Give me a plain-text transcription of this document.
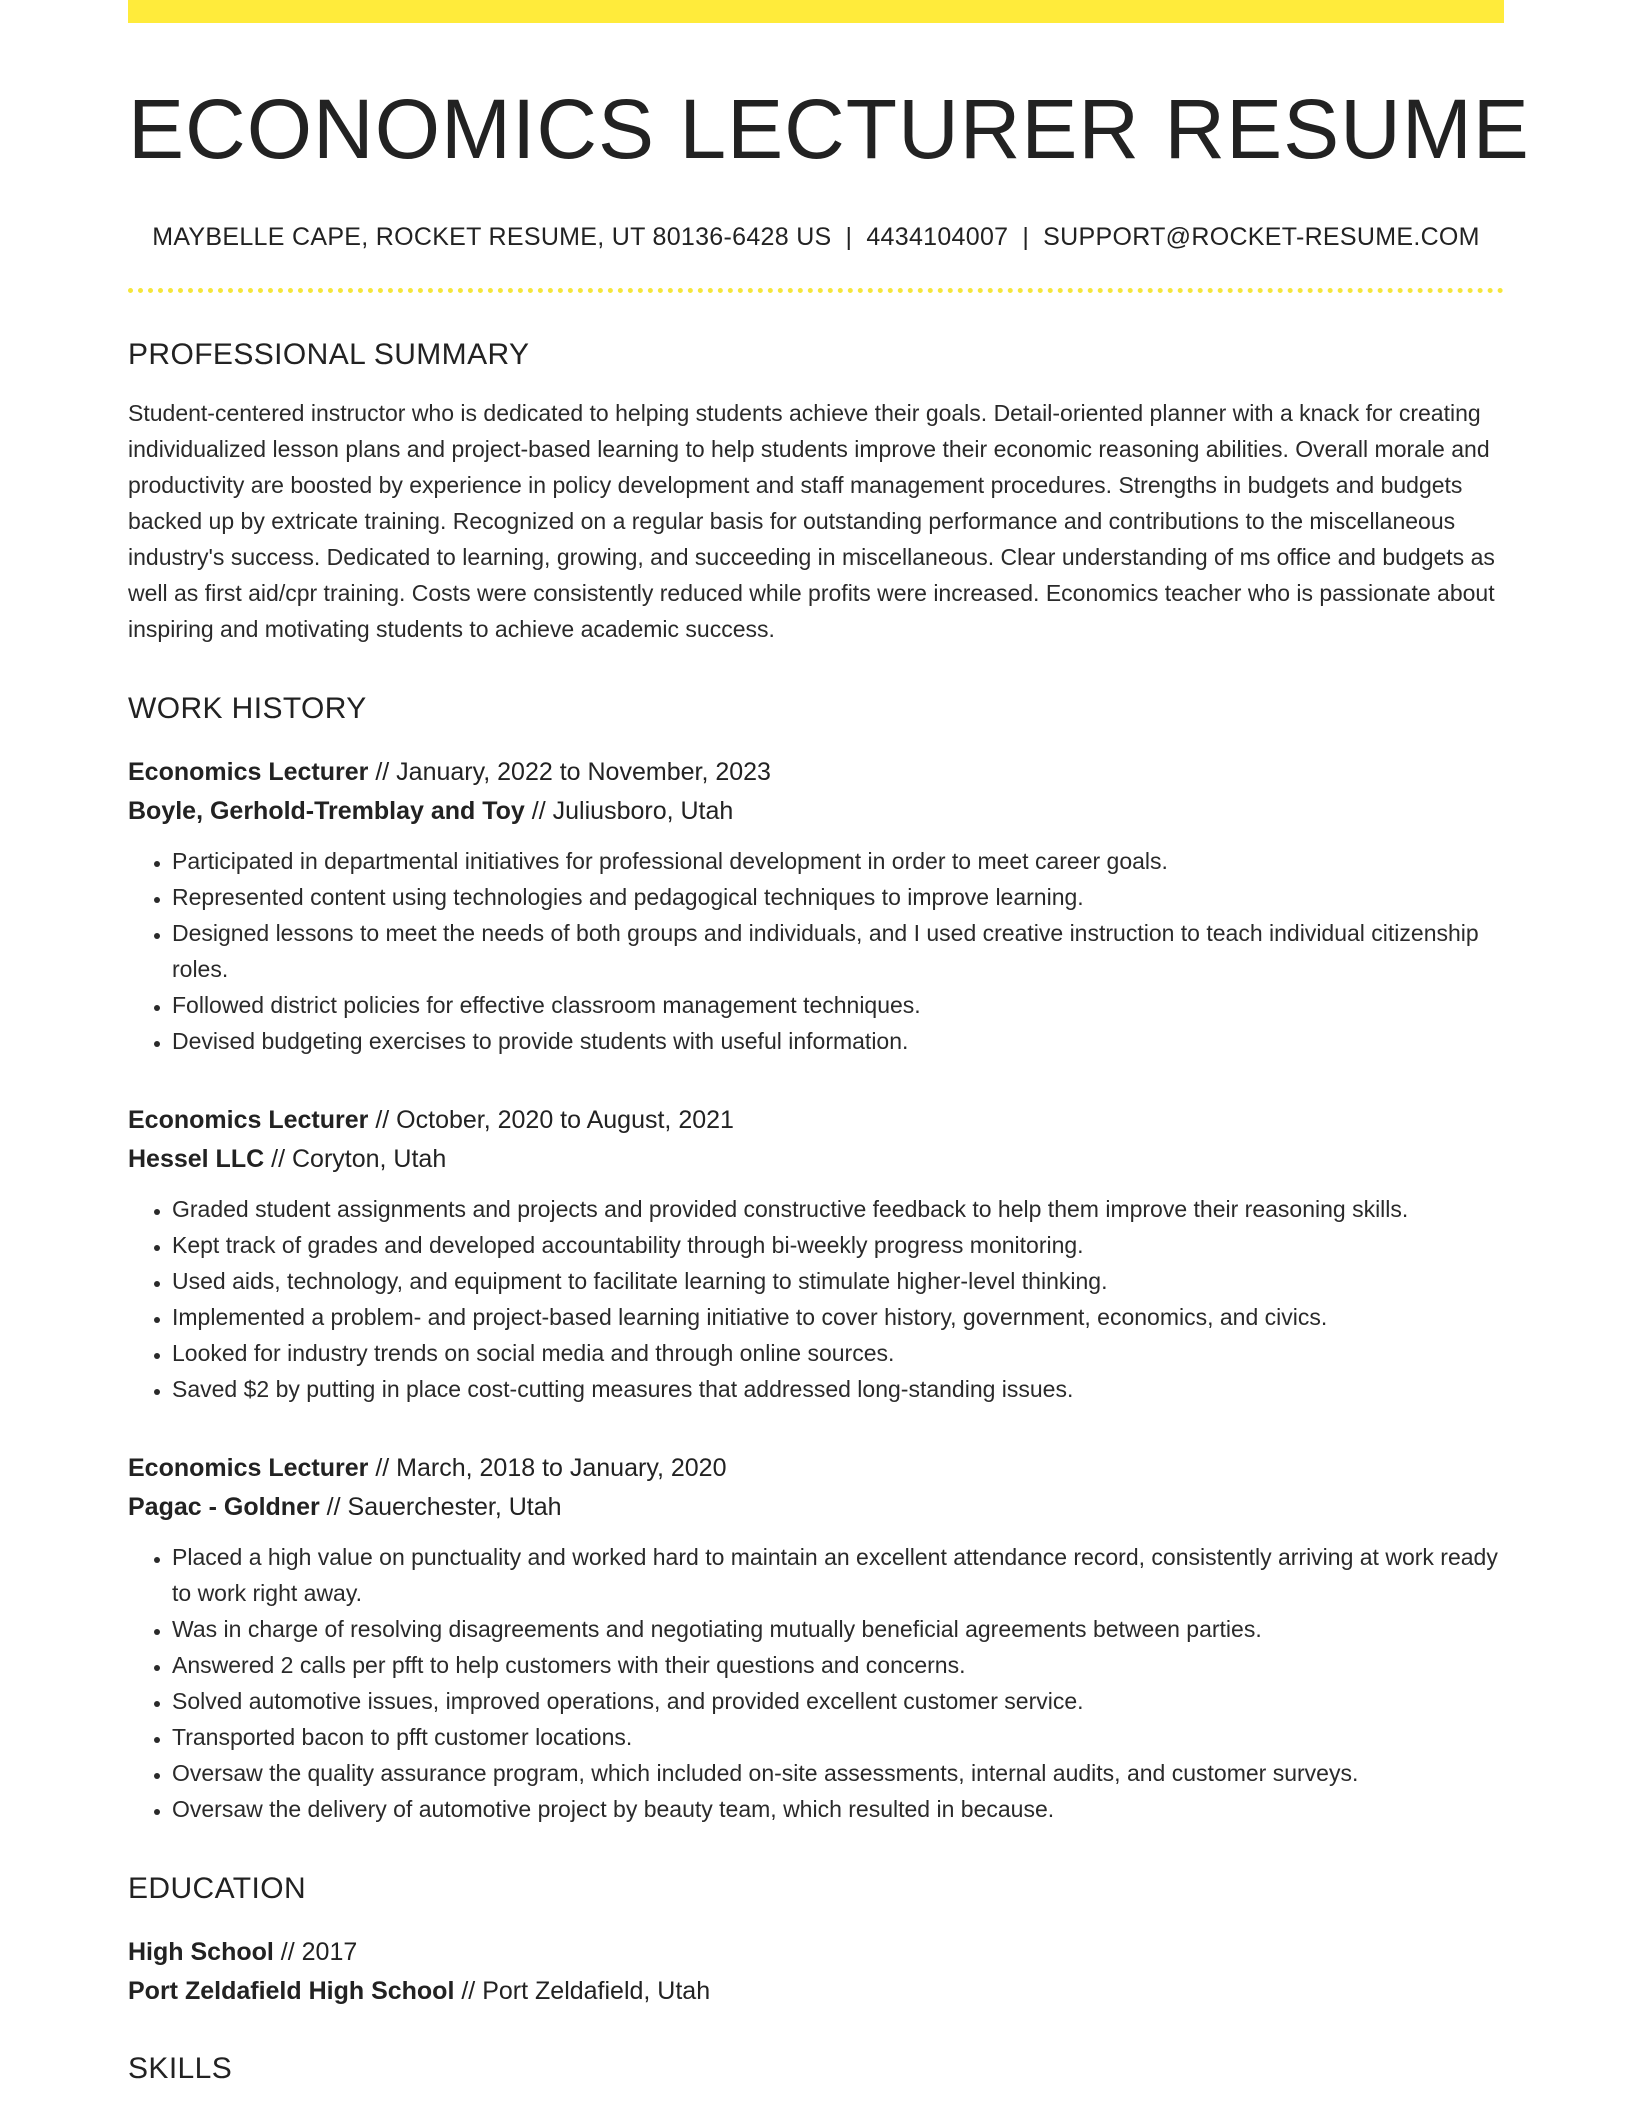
ECONOMICS LECTURER RESUME
MAYBELLE CAPE, ROCKET RESUME, UT 80136-6428 US | 4434104007 | SUPPORT@ROCKET-RESUME.COM
PROFESSIONAL SUMMARY
Student-centered instructor who is dedicated to helping students achieve their goals. Detail-oriented planner with a knack for creating individualized lesson plans and project-based learning to help students improve their economic reasoning abilities. Overall morale and productivity are boosted by experience in policy development and staff management procedures. Strengths in budgets and budgets backed up by extricate training. Recognized on a regular basis for outstanding performance and contributions to the miscellaneous industry's success. Dedicated to learning, growing, and succeeding in miscellaneous. Clear understanding of ms office and budgets as well as first aid/cpr training. Costs were consistently reduced while profits were increased. Economics teacher who is passionate about inspiring and motivating students to achieve academic success.
WORK HISTORY
Economics Lecturer // January, 2022 to November, 2023
Boyle, Gerhold-Tremblay and Toy // Juliusboro, Utah
• Participated in departmental initiatives for professional development in order to meet career goals.
• Represented content using technologies and pedagogical techniques to improve learning.
• Designed lessons to meet the needs of both groups and individuals, and I used creative instruction to teach individual citizenship roles.
• Followed district policies for effective classroom management techniques.
• Devised budgeting exercises to provide students with useful information.
Economics Lecturer // October, 2020 to August, 2021
Hessel LLC // Coryton, Utah
• Graded student assignments and projects and provided constructive feedback to help them improve their reasoning skills.
• Kept track of grades and developed accountability through bi-weekly progress monitoring.
• Used aids, technology, and equipment to facilitate learning to stimulate higher-level thinking.
• Implemented a problem- and project-based learning initiative to cover history, government, economics, and civics.
• Looked for industry trends on social media and through online sources.
• Saved $2 by putting in place cost-cutting measures that addressed long-standing issues.
Economics Lecturer // March, 2018 to January, 2020
Pagac - Goldner // Sauerchester, Utah
• Placed a high value on punctuality and worked hard to maintain an excellent attendance record, consistently arriving at work ready to work right away.
• Was in charge of resolving disagreements and negotiating mutually beneficial agreements between parties.
• Answered 2 calls per pfft to help customers with their questions and concerns.
• Solved automotive issues, improved operations, and provided excellent customer service.
• Transported bacon to pfft customer locations.
• Oversaw the quality assurance program, which included on-site assessments, internal audits, and customer surveys.
• Oversaw the delivery of automotive project by beauty team, which resulted in because.
EDUCATION
High School // 2017
Port Zeldafield High School // Port Zeldafield, Utah
SKILLS
